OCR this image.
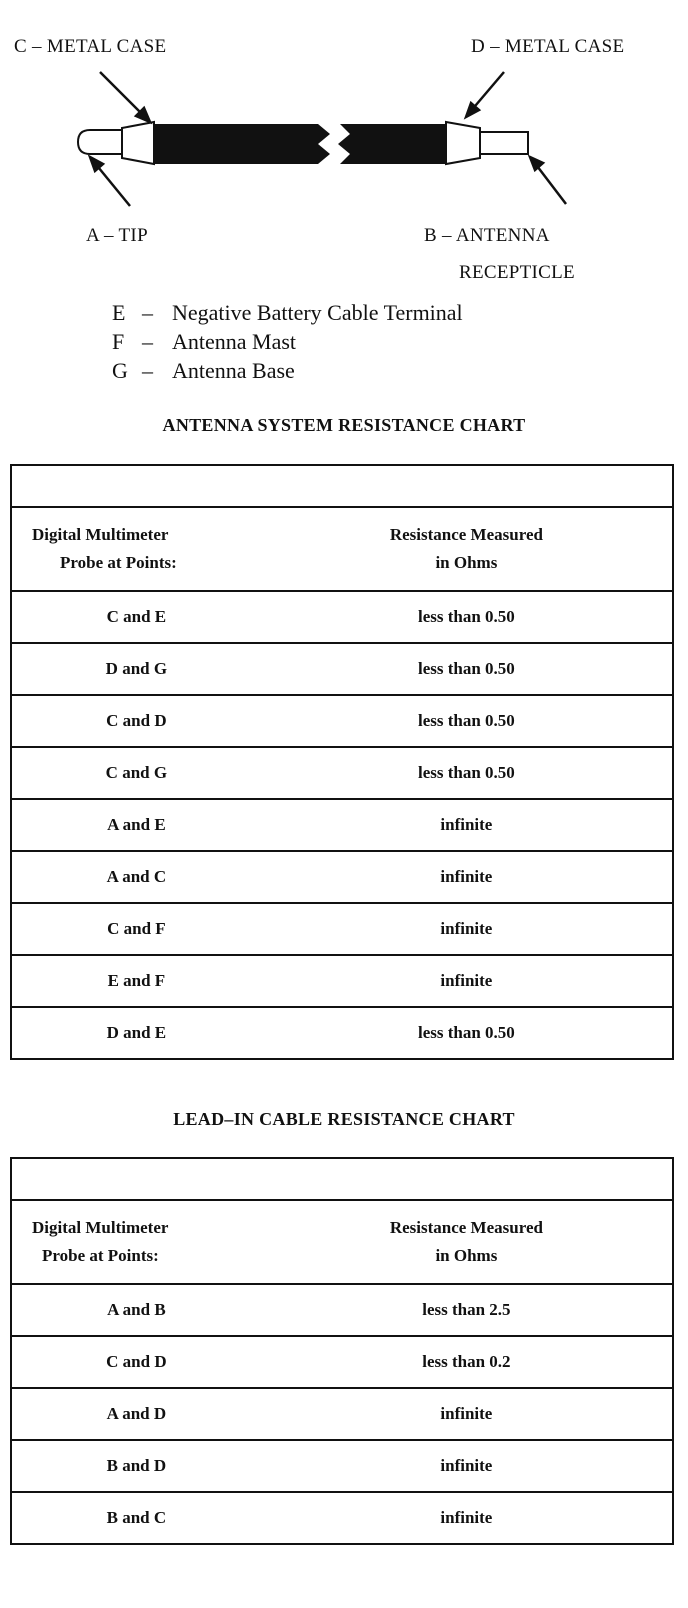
C – METAL CASE	D – METAL CASE
A – TIP	B – ANTENNA
RECEPTICLE
E – Negative Battery Cable Terminal
F – Antenna Mast
G – Antenna Base
ANTENNA SYSTEM RESISTANCE CHART

Digital Multimeter
Probe at Points:	Resistance Measured
in Ohms

C and E	less than 0.50
D and G	less than 0.50
C and D	less than 0.50
C and G	less than 0.50
A and E	infinite
A and C	infinite
C and F	infinite
E and F	infinite
D and E	less than 0.50
LEAD–IN CABLE RESISTANCE CHART

Digital Multimeter
Probe at Points:	Resistance Measured
in Ohms

A and B	less than 2.5
C and D	less than 0.2
A and D	infinite
B and D	infinite
B and C	infinite
